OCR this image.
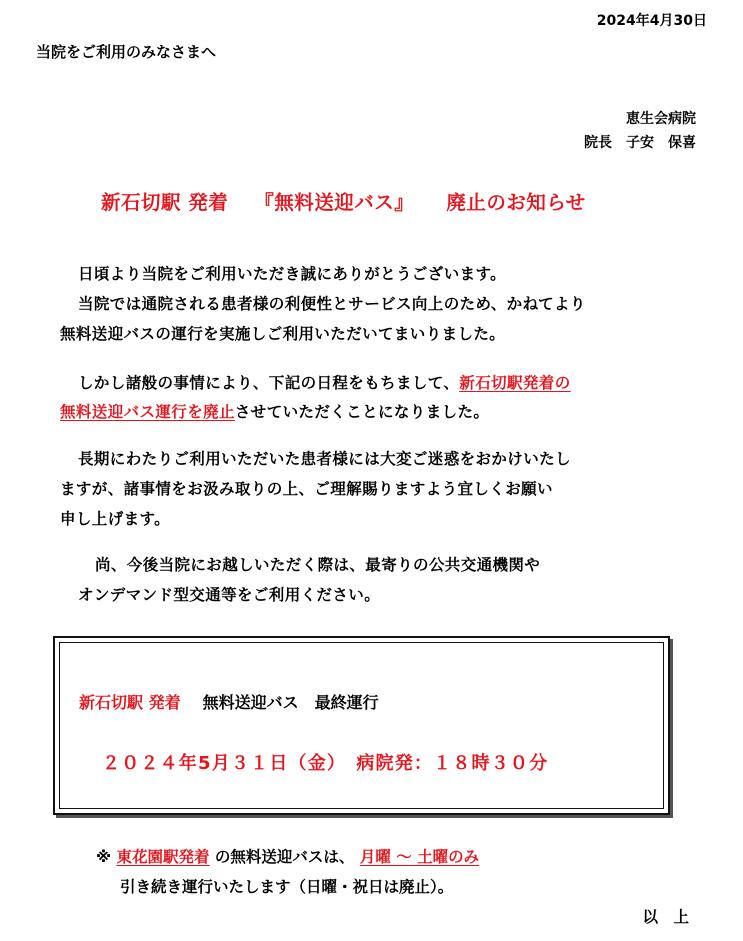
2024年4月30日
当院をご利用のみなさまへ
恵生会病院
院長　子安　保喜
新石切駅 発着 『無料送迎バス』 廃止のお知らせ
日頃より当院をご利用いただき誠にありがとうございます。
当院では通院される患者様の利便性とサービス向上のため、かねてより
無料送迎バスの運行を実施しご利用いただいてまいりました。
しかし諸般の事情により、下記の日程をもちまして、新石切駅発着の
無料送迎バス運行を廃止させていただくことになりました。
長期にわたりご利用いただいた患者様には大変ご迷惑をおかけいたし
ますが、諸事情をお汲み取りの上、ご理解賜りますよう宜しくお願い
申し上げます。
尚、今後当院にお越しいただく際は、最寄りの公共交通機関や
オンデマンド型交通等をご利用ください。
新石切駅 発着 無料送迎バス　最終運行
２０２４年5月３１日（金）　病院発：１８時３０分
※ 東花園駅発着 の無料送迎バスは、 月曜 ～ 土曜のみ
引き続き運行いたします（日曜・祝日は廃止）。
以　上
